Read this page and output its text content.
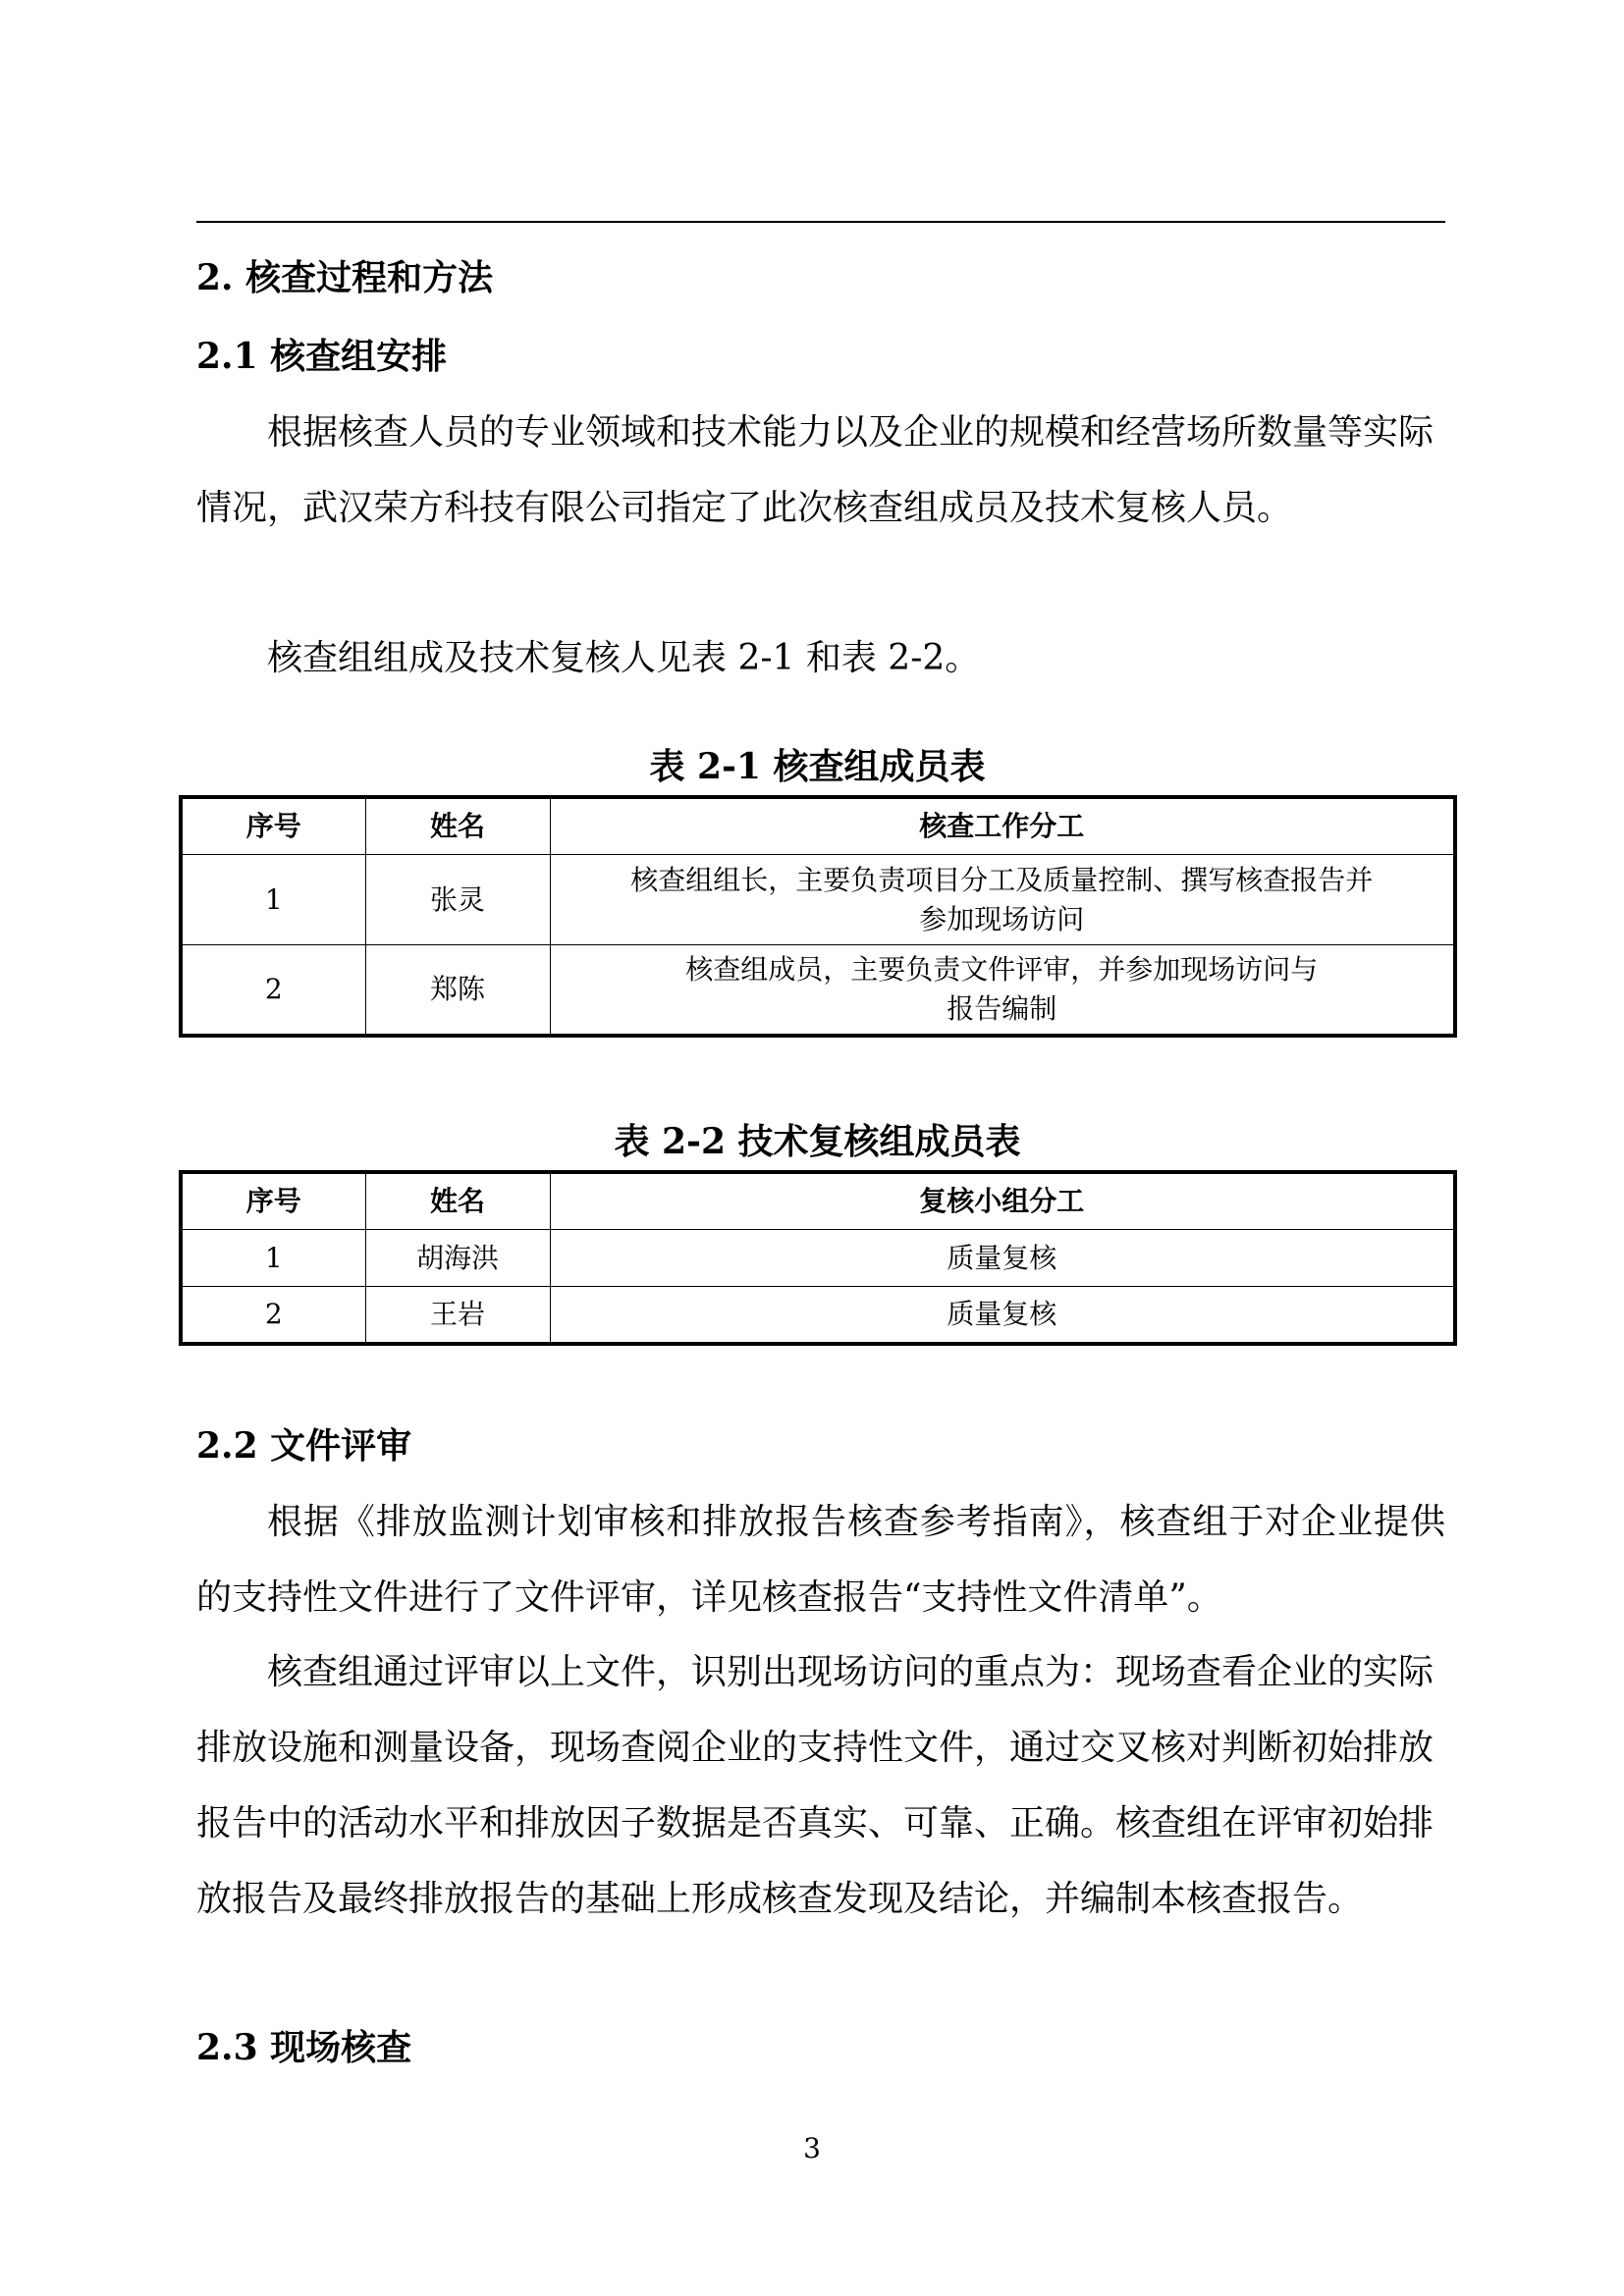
2. 核查过程和方法
2.1 核查组安排

根据核查人员的专业领域和技术能力以及企业的规模和经营场所数量等实际情况，武汉荣方科技有限公司指定了此次核查组成员及技术复核人员。

核查组组成及技术复核人见表 2-1 和表 2-2。

表 2-1 核查组成员表
序号	姓名	核查工作分工
1	张灵	核查组组长，主要负责项目分工及质量控制、撰写核查报告并
参加现场访问

2	郑陈	核查组成员，主要负责文件评审，并参加现场访问与
报告编制
表 2-2 技术复核组成员表
序号	姓名	复核小组分工
1	胡海洪	质量复核
2	王岩	质量复核
2.2 文件评审

根据《排放监测计划审核和排放报告核查参考指南》，核查组于对企业提供的支持性文件进行了文件评审，详见核查报告“支持性文件清单”。

核查组通过评审以上文件，识别出现场访问的重点为：现场查看企业的实际排放设施和测量设备，现场查阅企业的支持性文件，通过交叉核对判断初始排放报告中的活动水平和排放因子数据是否真实、可靠、正确。核查组在评审初始排放报告及最终排放报告的基础上形成核查发现及结论，并编制本核查报告。

2.3 现场核查
3
